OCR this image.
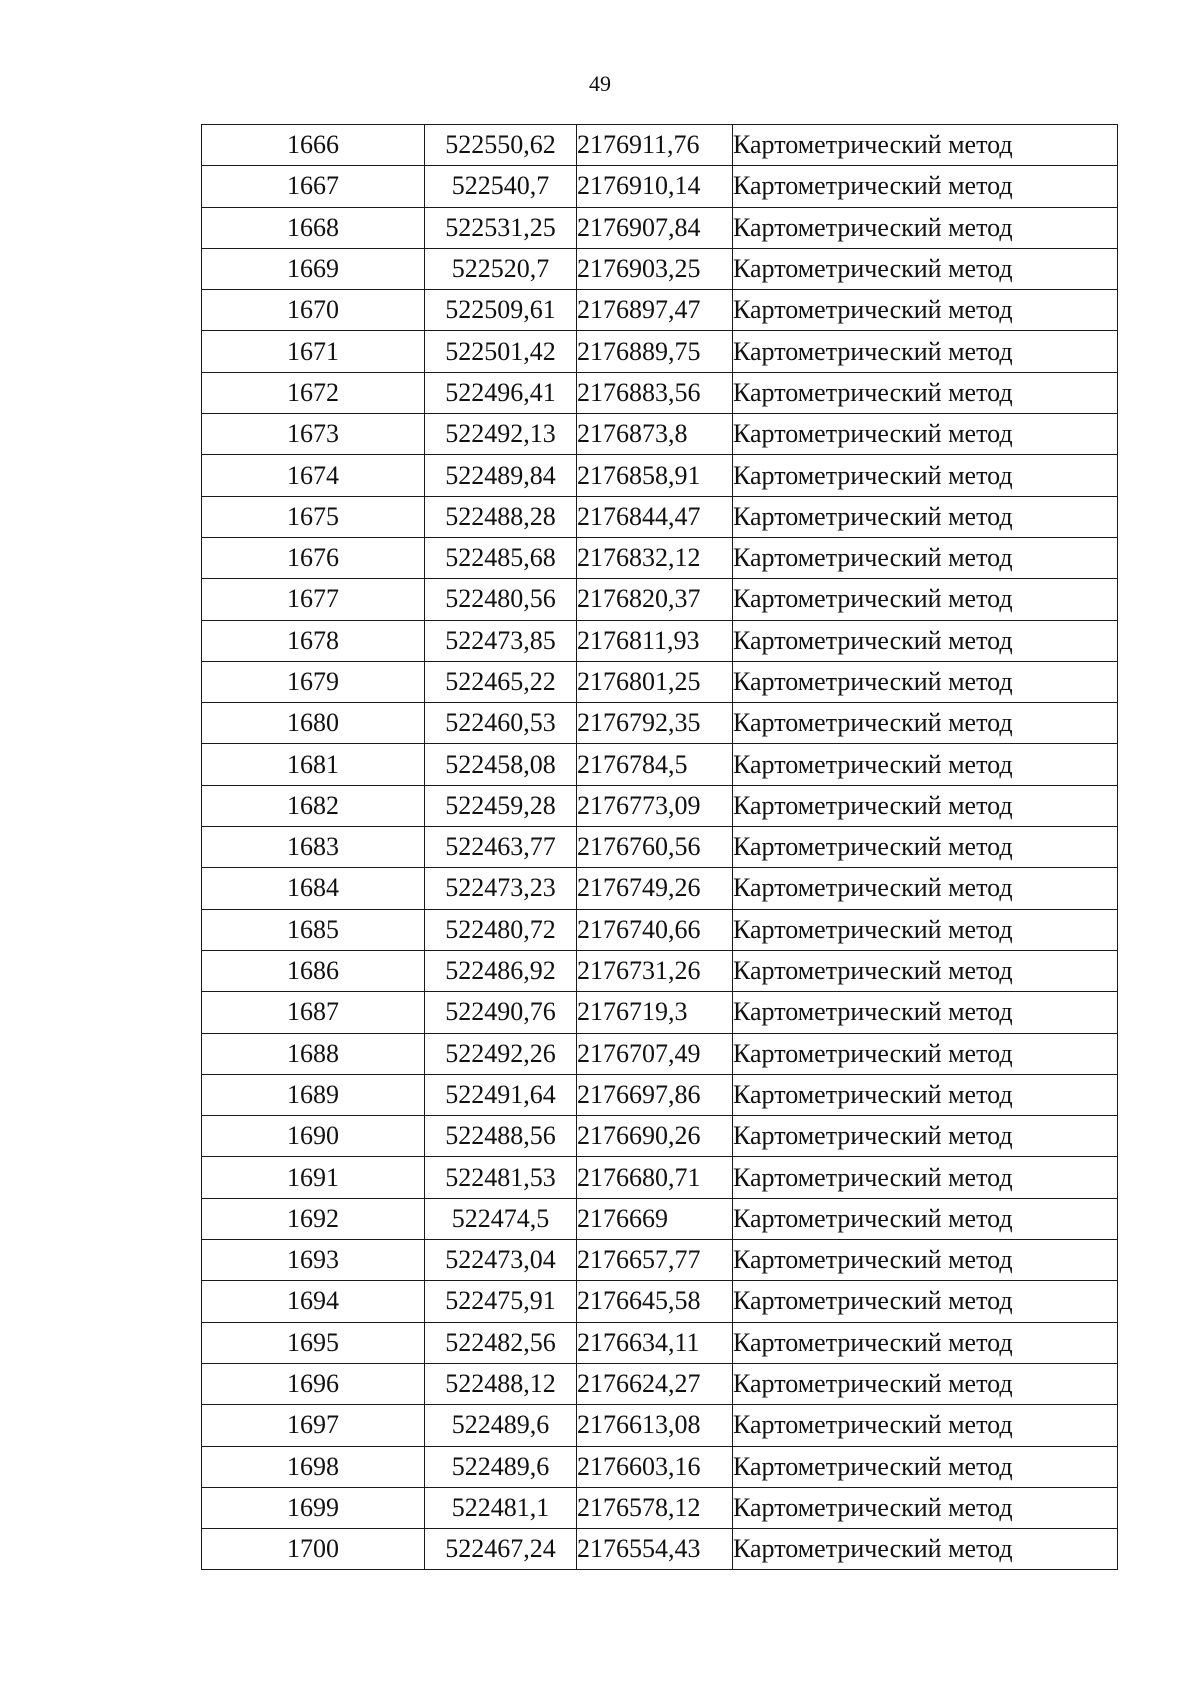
49
1666	522550,62	2176911,76	Картометрический метод
1667	522540,7	2176910,14	Картометрический метод
1668	522531,25	2176907,84	Картометрический метод
1669	522520,7	2176903,25	Картометрический метод
1670	522509,61	2176897,47	Картометрический метод
1671	522501,42	2176889,75	Картометрический метод
1672	522496,41	2176883,56	Картометрический метод
1673	522492,13	2176873,8	Картометрический метод
1674	522489,84	2176858,91	Картометрический метод
1675	522488,28	2176844,47	Картометрический метод
1676	522485,68	2176832,12	Картометрический метод
1677	522480,56	2176820,37	Картометрический метод
1678	522473,85	2176811,93	Картометрический метод
1679	522465,22	2176801,25	Картометрический метод
1680	522460,53	2176792,35	Картометрический метод
1681	522458,08	2176784,5	Картометрический метод
1682	522459,28	2176773,09	Картометрический метод
1683	522463,77	2176760,56	Картометрический метод
1684	522473,23	2176749,26	Картометрический метод
1685	522480,72	2176740,66	Картометрический метод
1686	522486,92	2176731,26	Картометрический метод
1687	522490,76	2176719,3	Картометрический метод
1688	522492,26	2176707,49	Картометрический метод
1689	522491,64	2176697,86	Картометрический метод
1690	522488,56	2176690,26	Картометрический метод
1691	522481,53	2176680,71	Картометрический метод
1692	522474,5	2176669	Картометрический метод
1693	522473,04	2176657,77	Картометрический метод
1694	522475,91	2176645,58	Картометрический метод
1695	522482,56	2176634,11	Картометрический метод
1696	522488,12	2176624,27	Картометрический метод
1697	522489,6	2176613,08	Картометрический метод
1698	522489,6	2176603,16	Картометрический метод
1699	522481,1	2176578,12	Картометрический метод
1700	522467,24	2176554,43	Картометрический метод
